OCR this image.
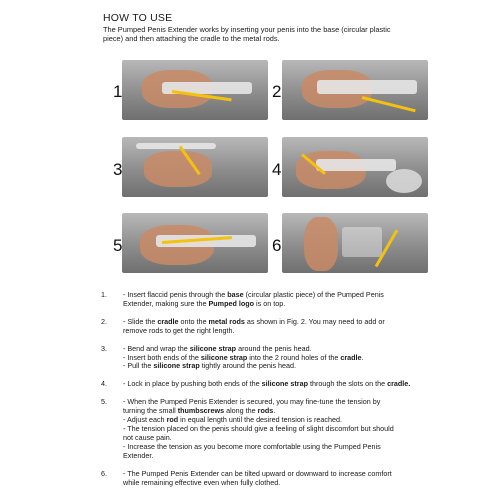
HOW TO USE
The Pumped Penis Extender works by inserting your penis into the base (circular plastic piece) and then attaching the cradle to the metal rods.
1	2
3	4
5	6
1. - Insert flaccid penis through the base (circular plastic piece) of the Pumped Penis
Extender, making sure the Pumped logo is on top.
2. - Slide the cradle onto the metal rods as shown in Fig. 2. You may need to add or
remove rods to get the right length.
3. - Bend and wrap the silicone strap around the penis head.
- Insert both ends of the silicone strap into the 2 round holes of the cradle.
- Pull the silicone strap tightly around the penis head.
4. - Lock in place by pushing both ends of the silicone strap through the slots on the cradle.
5. - When the Pumped Penis Extender is secured, you may fine-tune the tension by
turning the small thumbscrews along the rods.
- Adjust each rod in equal length until the desired tension is reached.
- The tension placed on the penis should give a feeling of slight discomfort but should
not cause pain.
- Increase the tension as you become more comfortable using the Pumped Penis
Extender.
6. - The Pumped Penis Extender can be tilted upward or downward to increase comfort
while remaining effective even when fully clothed.
